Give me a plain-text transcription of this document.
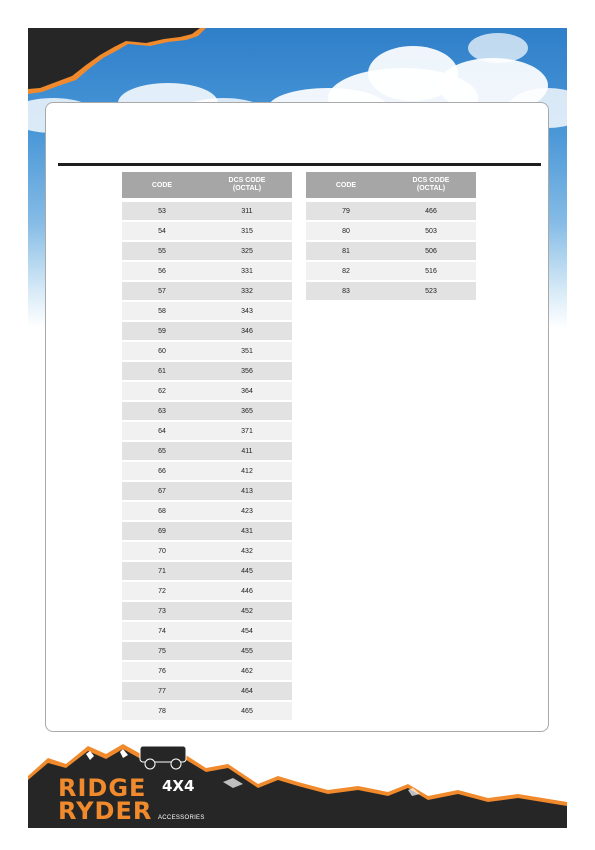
CODE
DCS CODE
(OCTAL)
53	311
54	315
55	325
56	331
57	332
58	343
59	346
60	351
61	356
62	364
63	365
64	371
65	411
66	412
67	413
68	423
69	431
70	432
71	445
72	446
73	452
74	454
75	455
76	462
77	464
78	465
CODE
DCS CODE
(OCTAL)
79	466
80	503
81	506
82	516
83	523
RIDGE
RYDER
4X4
ACCESSORIES
